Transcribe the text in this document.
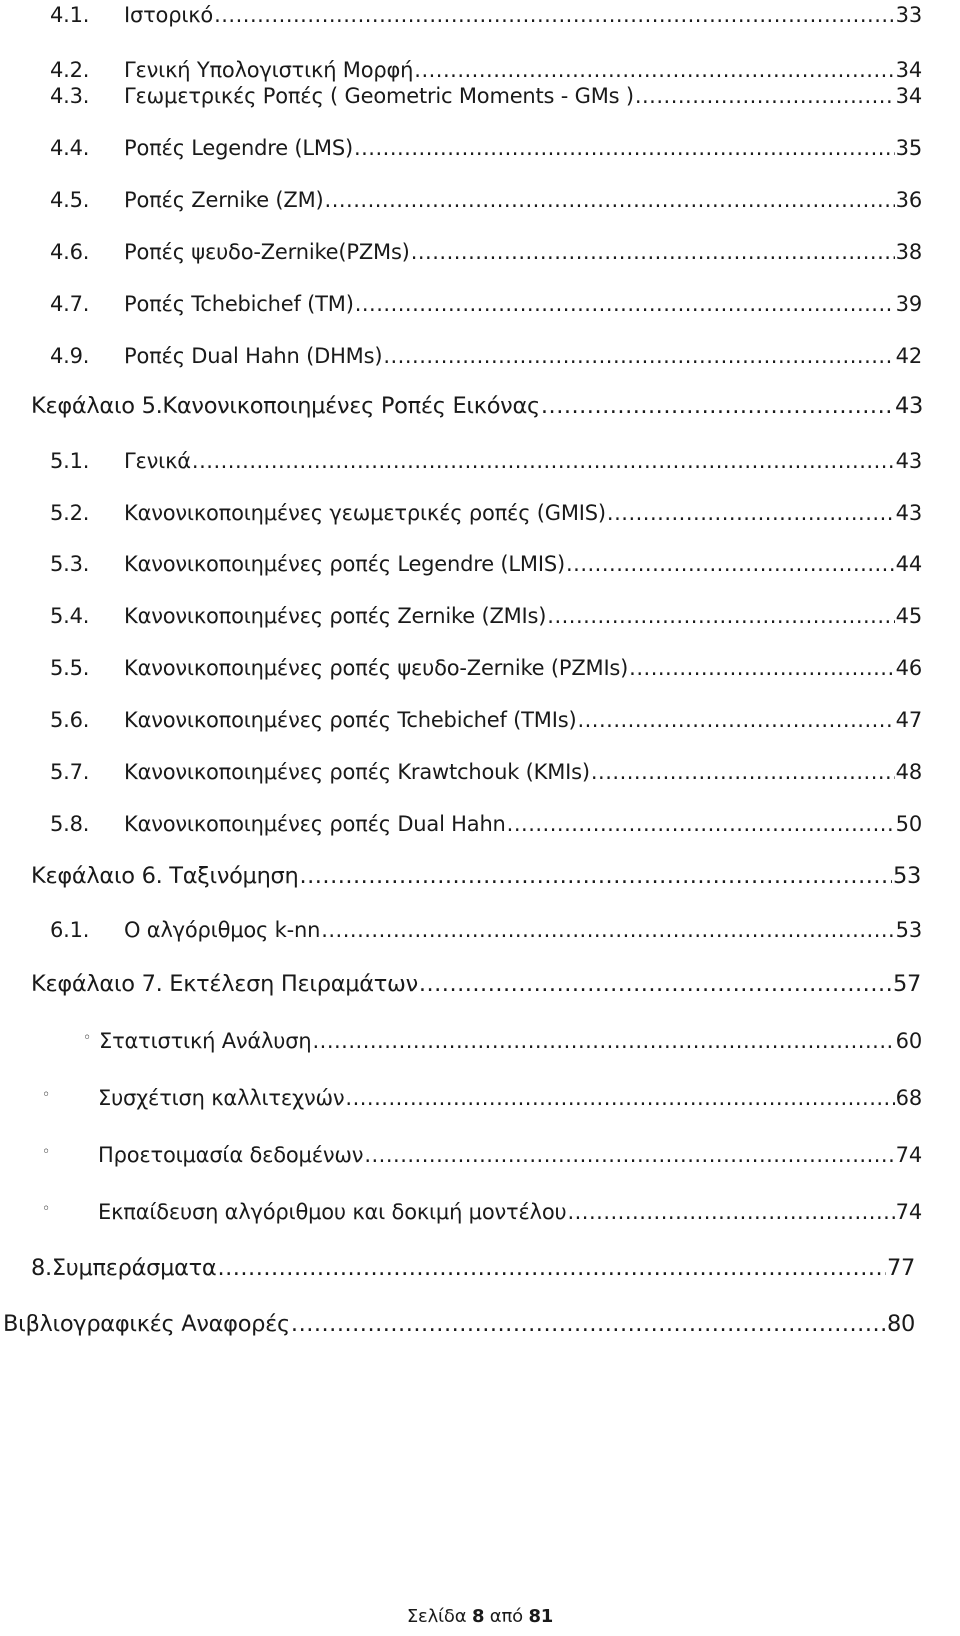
4.1.	Ιστορικό .....	33
4.2.	Γενική Υπολογιστική Μορφή .....	34
4.3.	Γεωμετρικές Ροπές ( Geometric Moments - GMs ) .....	34
4.4.	Ροπές Legendre (LMS) .....	35
4.5.	Ροπές Zernike (ZM) .....	36
4.6.	Ροπές ψευδο-Zernike(PZMs) .....	38
4.7.	Ροπές Tchebichef (TM) .....	39
4.9.	Ροπές Dual Hahn (DHMs) .....	42
Κεφάλαιο 5.Κανονικοποιημένες Ροπές Εικόνας .....	43
5.1.	Γενικά .....	43
5.2.	Κανονικοποιημένες γεωμετρικές ροπές (GMIS) .....	43
5.3.	Κανονικοποιημένες ροπές Legendre (LMIS) .....	44
5.4.	Κανονικοποιημένες ροπές Zernike (ZMIs) .....	45
5.5.	Κανονικοποιημένες ροπές ψευδο-Zernike (PZMIs) .....	46
5.6.	Κανονικοποιημένες ροπές Tchebichef (TMIs) .....	47
5.7.	Κανονικοποιημένες ροπές Krawtchouk (KMIs) .....	48
5.8.	Κανονικοποιημένες ροπές Dual Hahn .....	50
Κεφάλαιο 6. Ταξινόμηση .....	53
6.1.	Ο αλγόριθμος k-nn .....	53
Κεφάλαιο 7. Εκτέλεση Πειραμάτων .....	57
◦ Στατιστική Ανάλυση .....	60
◦	Συσχέτιση καλλιτεχνών .....	68
◦	Προετοιμασία δεδομένων .....	74
◦	Εκπαίδευση αλγόριθμου και δοκιμή μοντέλου .....	74
8.Συμπεράσματα .....	77
Βιβλιογραφικές Αναφορές .....	80
Σελίδα 8 από 81
